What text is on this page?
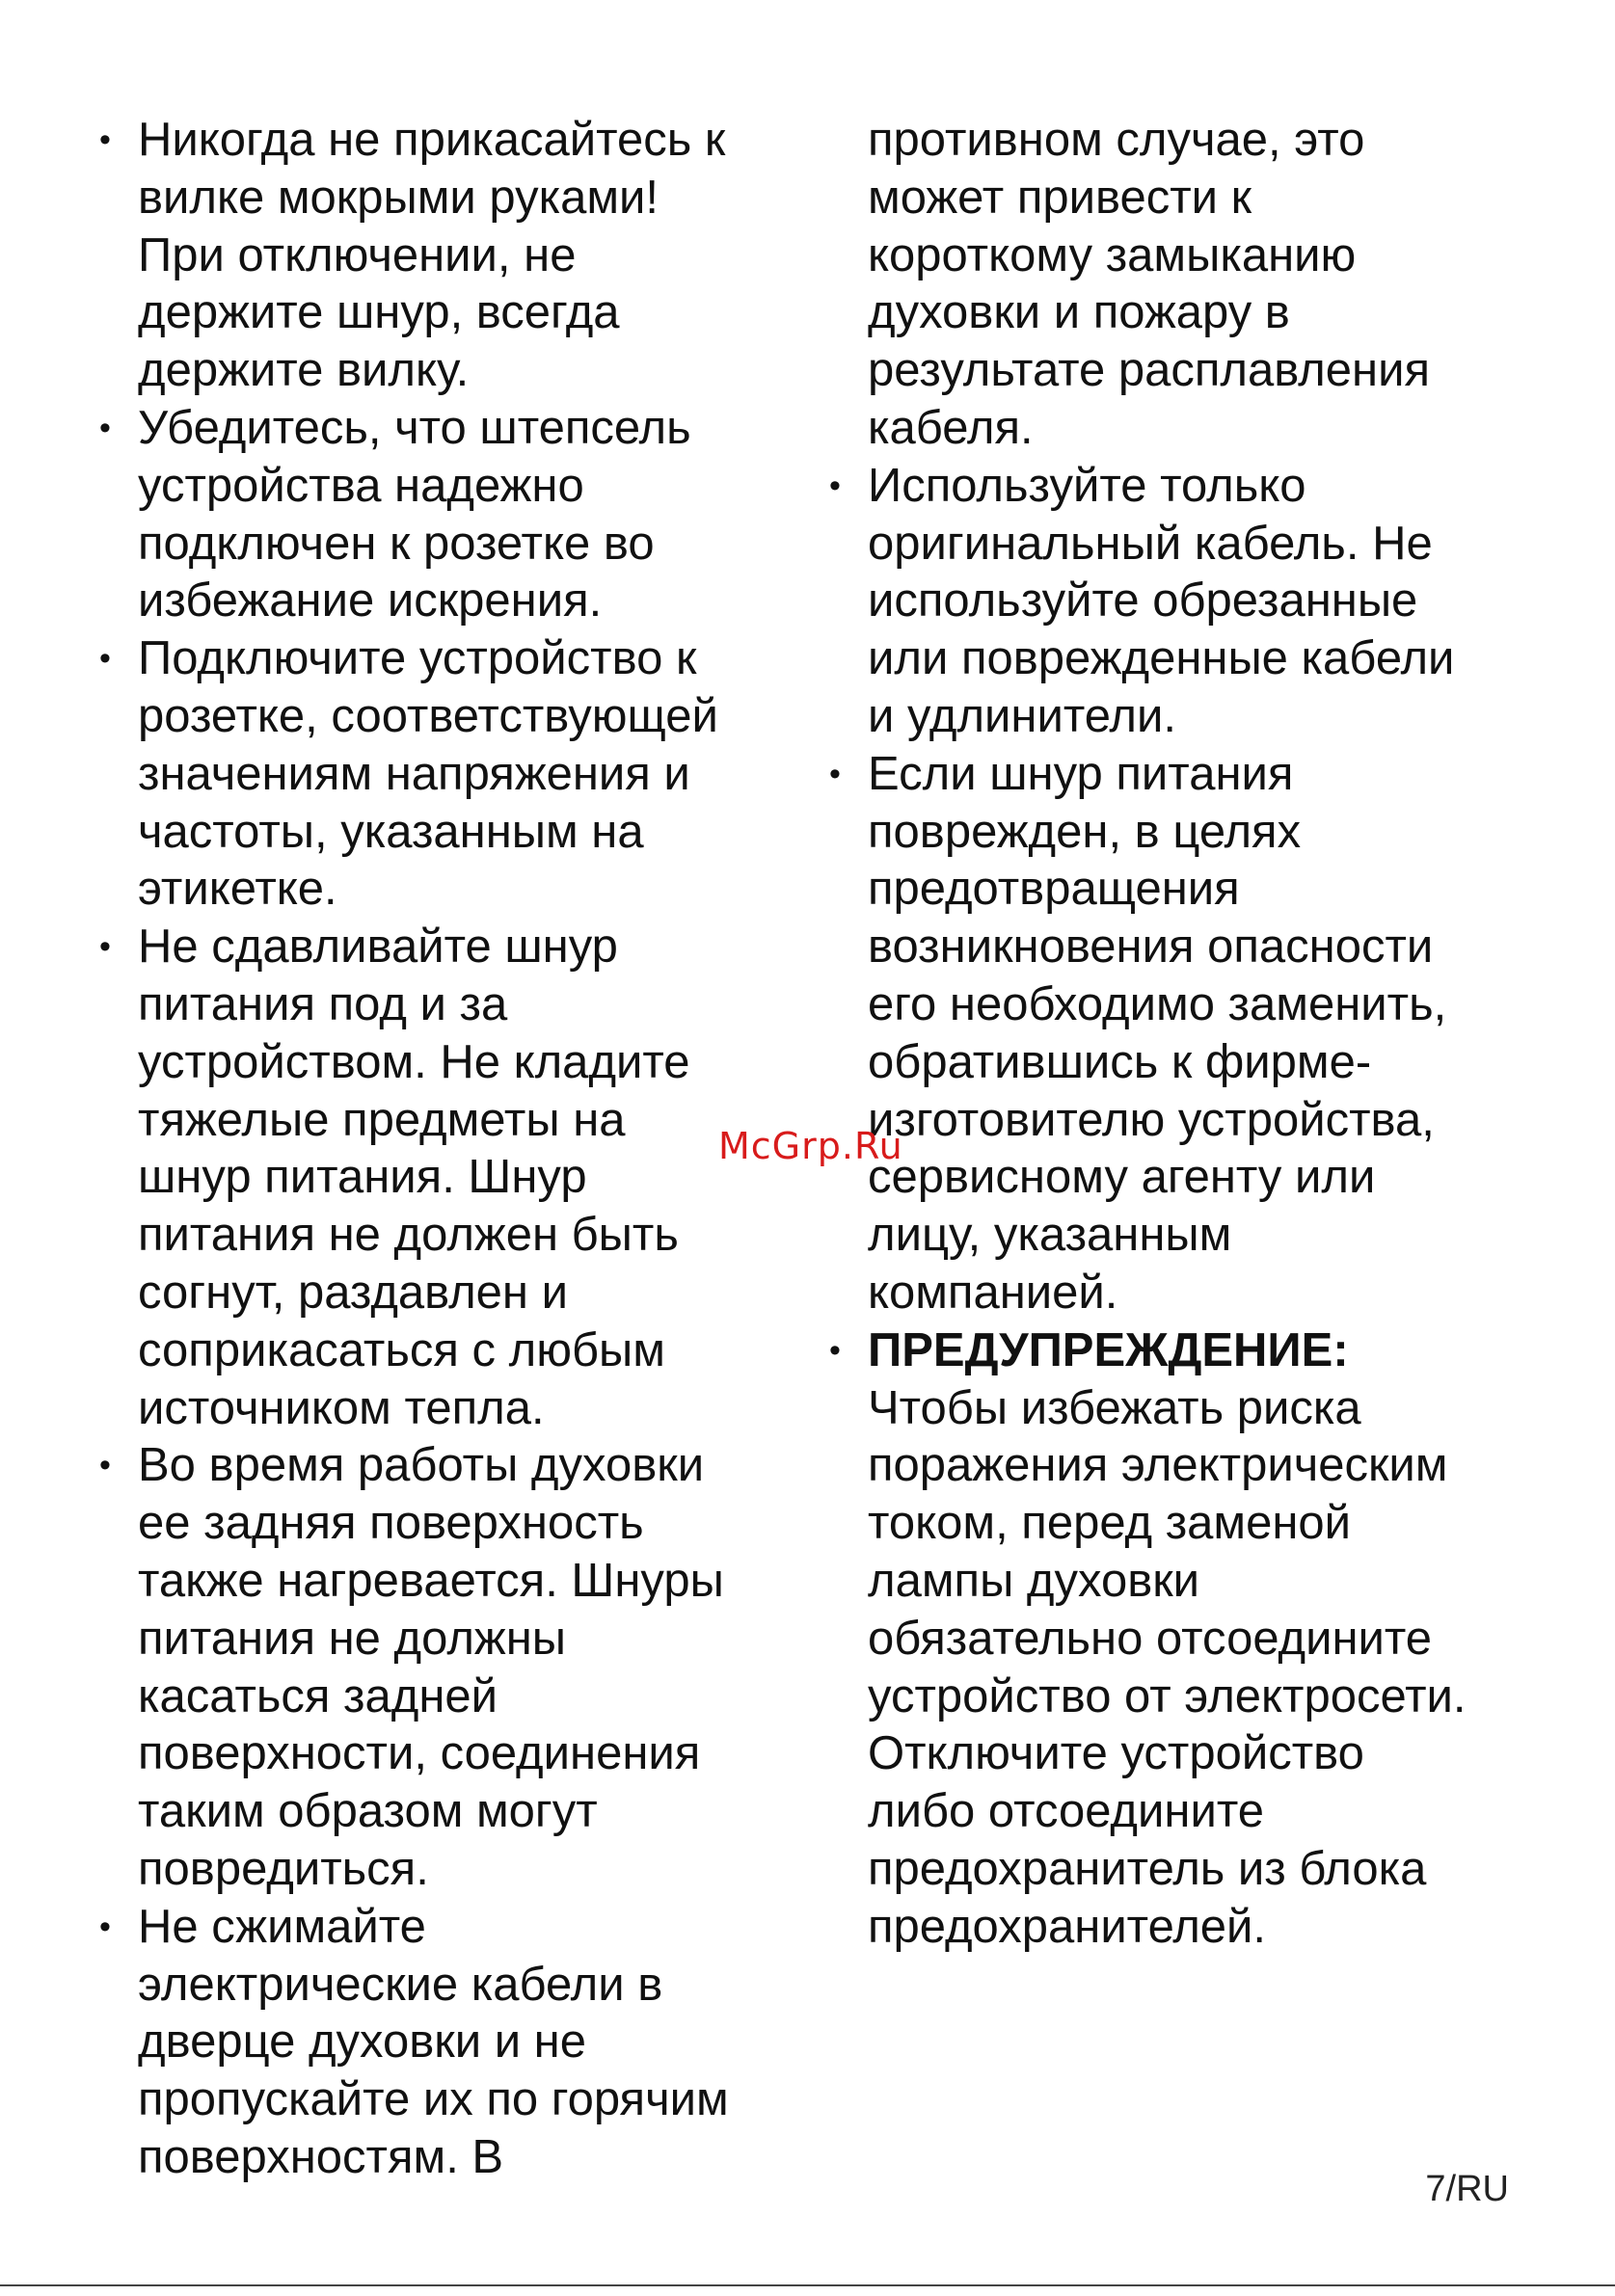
• Никогда не прикасайтесь к
вилке мокрыми руками!
При отключении, не
держите шнур, всегда
держите вилку.
• Убедитесь, что штепсель
устройства надежно
подключен к розетке во
избежание искрения.
• Подключите устройство к
розетке, соответствующей
значениям напряжения и
частоты, указанным на
этикетке.
• Не сдавливайте шнур
питания под и за
устройством. Не кладите
тяжелые предметы на
шнур питания. Шнур
питания не должен быть
согнут, раздавлен и
соприкасаться с любым
источником тепла.
• Во время работы духовки
ее задняя поверхность
также нагревается. Шнуры
питания не должны
касаться задней
поверхности, соединения
таким образом могут
повредиться.
• Не сжимайте
электрические кабели в
дверце духовки и не
пропускайте их по горячим
поверхностям. В
противном случае, это
может привести к
короткому замыканию
духовки и пожару в
результате расплавления
кабеля.
• Используйте только
оригинальный кабель. Не
используйте обрезанные
или поврежденные кабели
и удлинители.
• Если шнур питания
поврежден, в целях
предотвращения
возникновения опасности
его необходимо заменить,
обратившись к фирме-
изготовителю устройства,
сервисному агенту или
лицу, указанным
компанией.
• ПРЕДУПРЕЖДЕНИЕ:
Чтобы избежать риска
поражения электрическим
током, перед заменой
лампы духовки
обязательно отсоедините
устройство от электросети.
Отключите устройство
либо отсоедините
предохранитель из блока
предохранителей.
McGrp.Ru
7/RU
